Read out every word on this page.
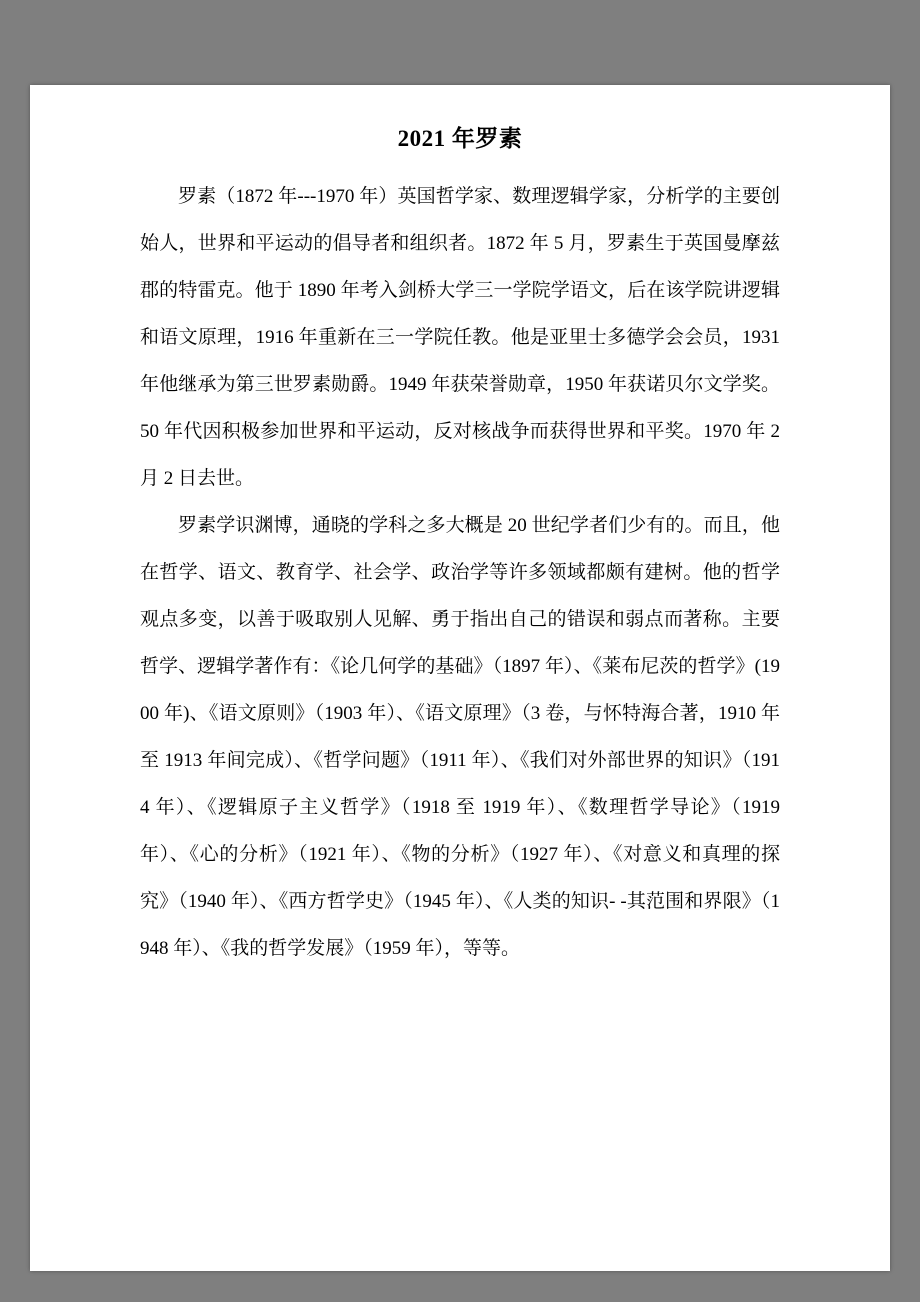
2021 年罗素

罗素（1872 年---1970 年）英国哲学家、数理逻辑学家，分析学的主要创始人，世界和平运动的倡导者和组织者。1872 年 5 月，罗素生于英国曼摩兹郡的特雷克。他于 1890 年考入剑桥大学三一学院学语文，后在该学院讲逻辑和语文原理，1916 年重新在三一学院任教。他是亚里士多德学会会员，1931 年他继承为第三世罗素勋爵。1949 年获荣誉勋章，1950 年获诺贝尔文学奖。50 年代因积极参加世界和平运动，反对核战争而获得世界和平奖。1970 年 2 月 2 日去世。

罗素学识渊博，通晓的学科之多大概是 20 世纪学者们少有的。而且，他在哲学、语文、教育学、社会学、政治学等许多领域都颇有建树。他的哲学观点多变，以善于吸取别人见解、勇于指出自己的错误和弱点而著称。主要哲学、逻辑学著作有：《论几何学的基础》（1897 年）、《莱布尼茨的哲学》(1900 年)、《语文原则》（1903 年）、《语文原理》（3 卷，与怀特海合著，1910 年至 1913 年间完成）、《哲学问题》（1911 年）、《我们对外部世界的知识》（1914 年）、《逻辑原子主义哲学》（1918 至 1919 年）、《数理哲学导论》（1919 年）、《心的分析》（1921 年）、《物的分析》（1927 年）、《对意义和真理的探究》（1940 年）、《西方哲学史》（1945 年）、《人类的知识- -其范围和界限》（1948 年）、《我的哲学发展》（1959 年），等等。
